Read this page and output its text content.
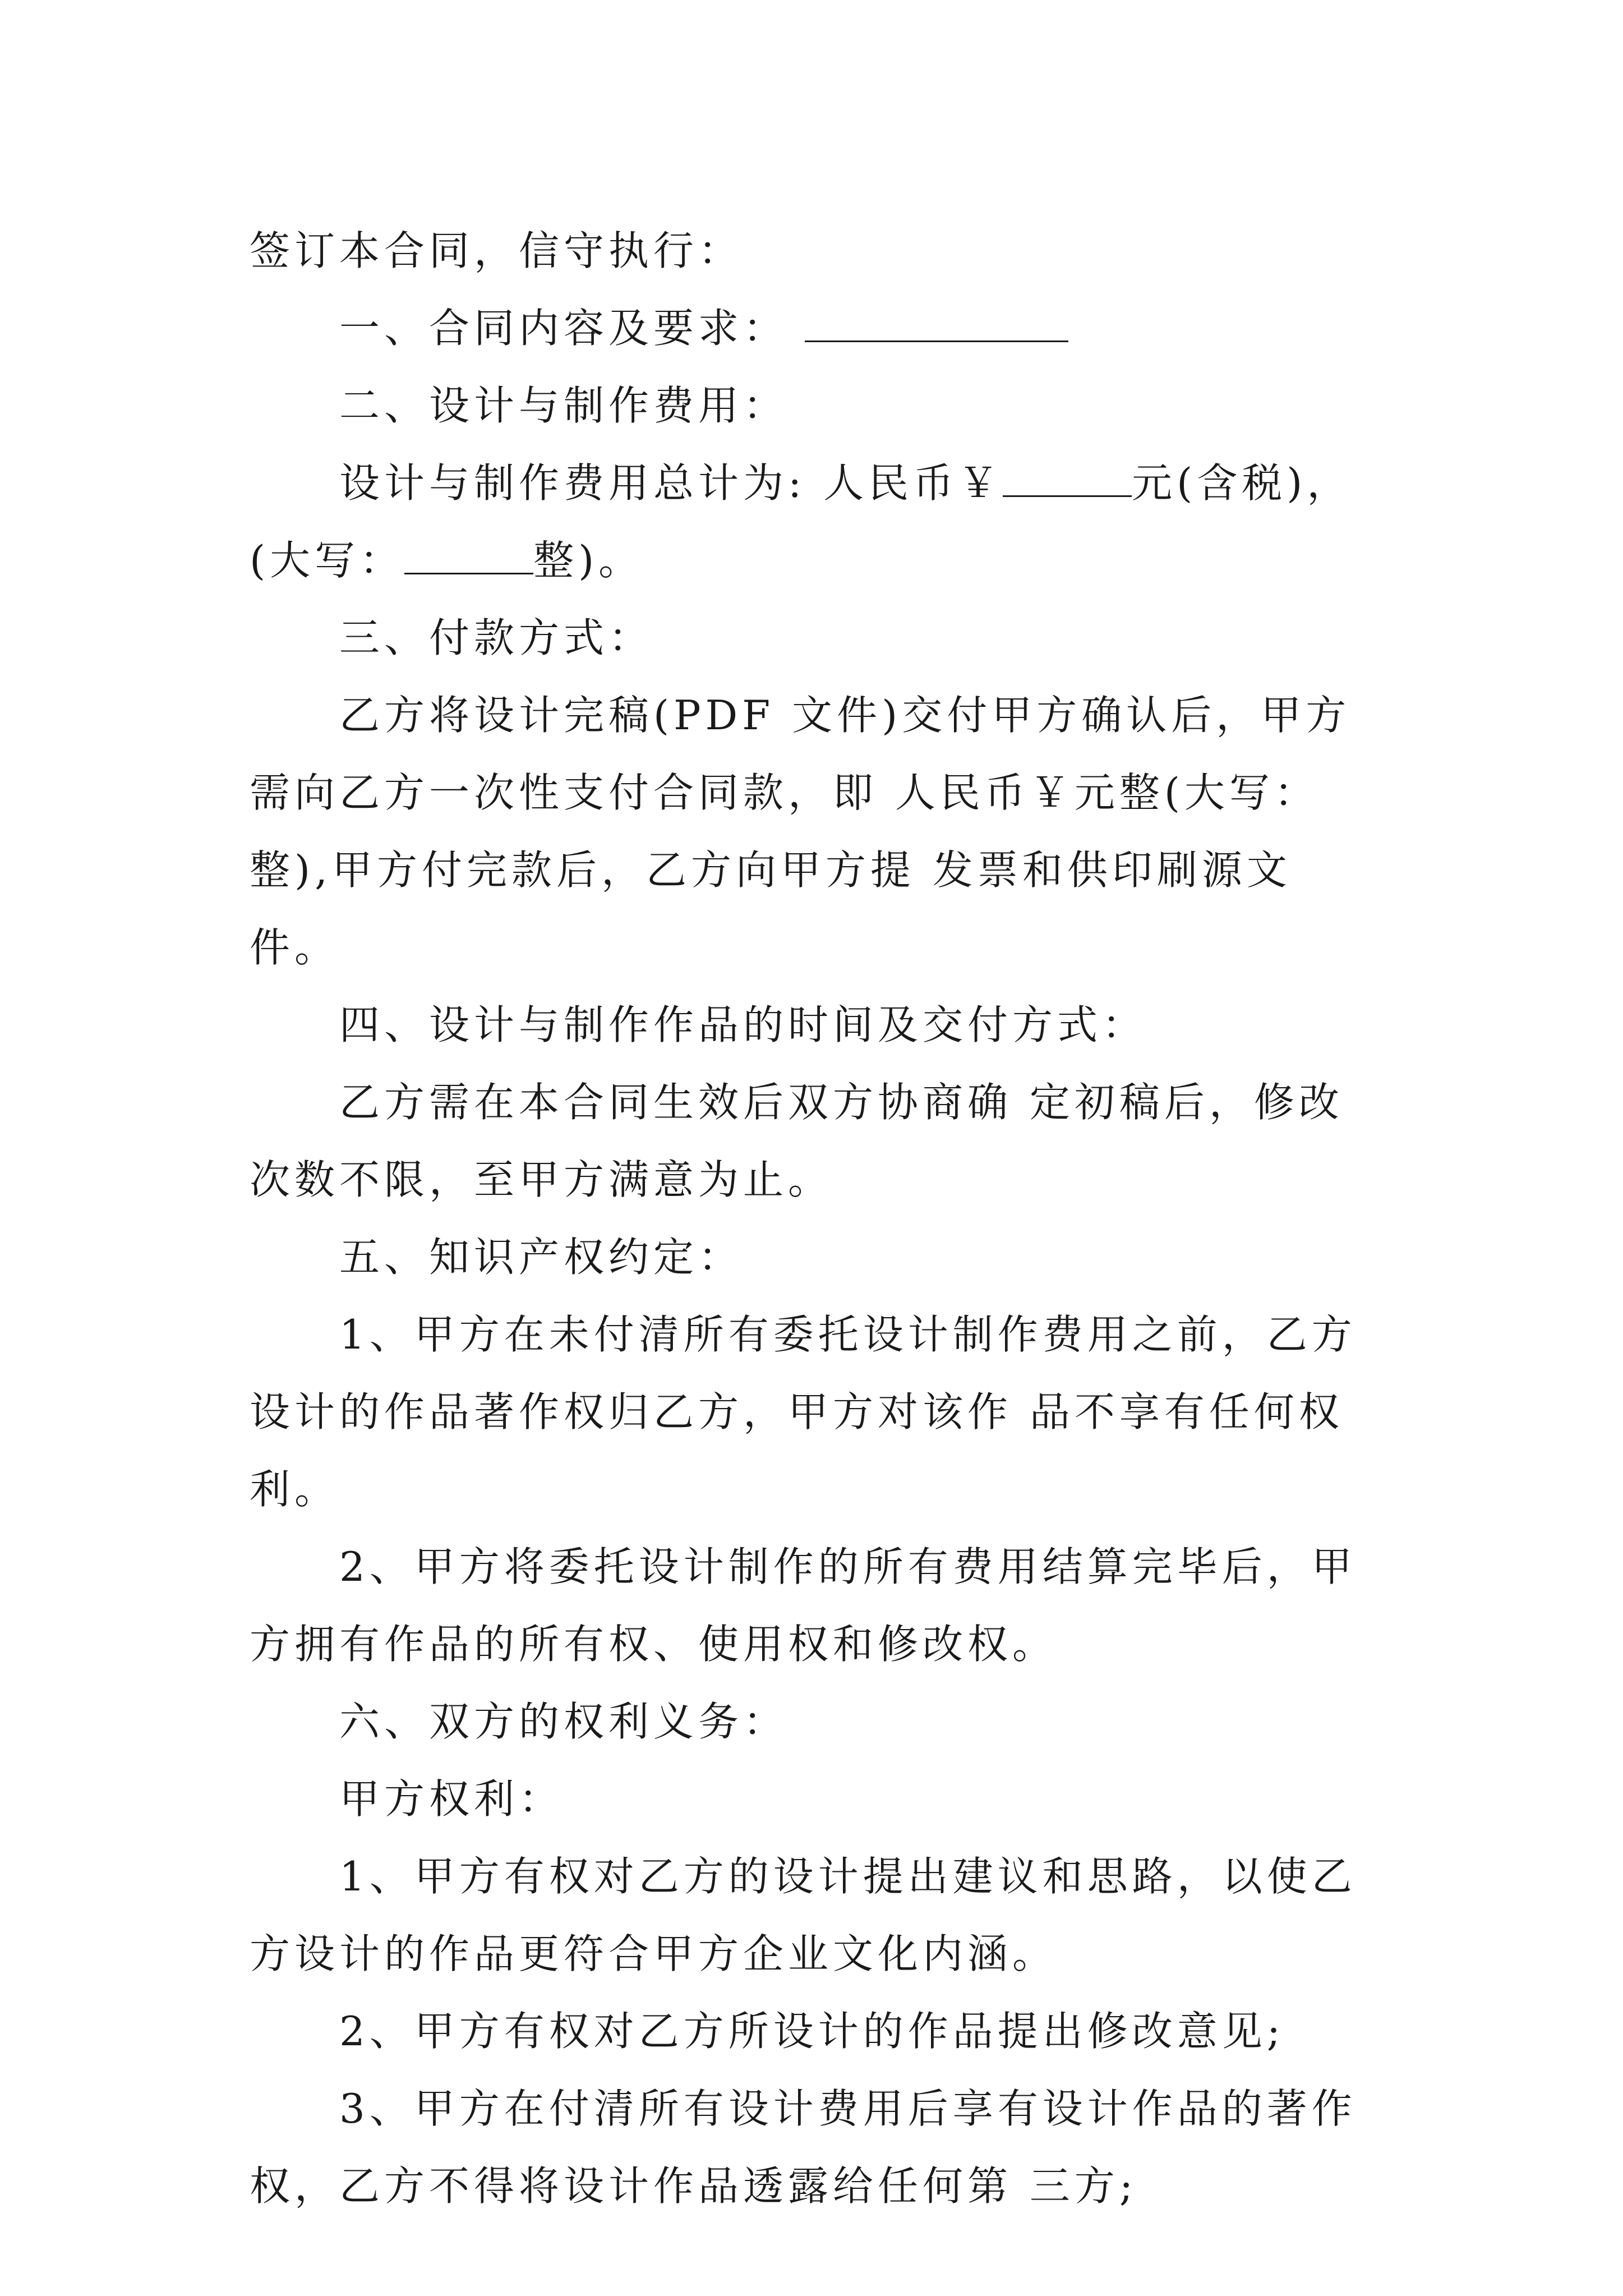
签订本合同，信守执行：

一、合同内容及要求：

二、设计与制作费用：

设计与制作费用总计为: 人民币￥	元(含税)，(大写：	整)。

三、付款方式：

乙方将设计完稿(PDF 文件)交付甲方确认后，甲方需向乙方一次性支付合同款，即 人民币￥元整(大写：整),甲方付完款后，乙方向甲方提 发票和供印刷源文件。

四、设计与制作作品的时间及交付方式：

乙方需在本合同生效后双方协商确 定初稿后，修改次数不限，至甲方满意为止。

五、知识产权约定：

1、甲方在未付清所有委托设计制作费用之前，乙方设计的作品著作权归乙方，甲方对该作 品不享有任何权利。

2、甲方将委托设计制作的所有费用结算完毕后，甲方拥有作品的所有权、使用权和修改权。

六、双方的权利义务：

甲方权利：

1、甲方有权对乙方的设计提出建议和思路，以使乙方设计的作品更符合甲方企业文化内涵。

2、甲方有权对乙方所设计的作品提出修改意见;

3、甲方在付清所有设计费用后享有设计作品的著作权，乙方不得将设计作品透露给任何第 三方;
